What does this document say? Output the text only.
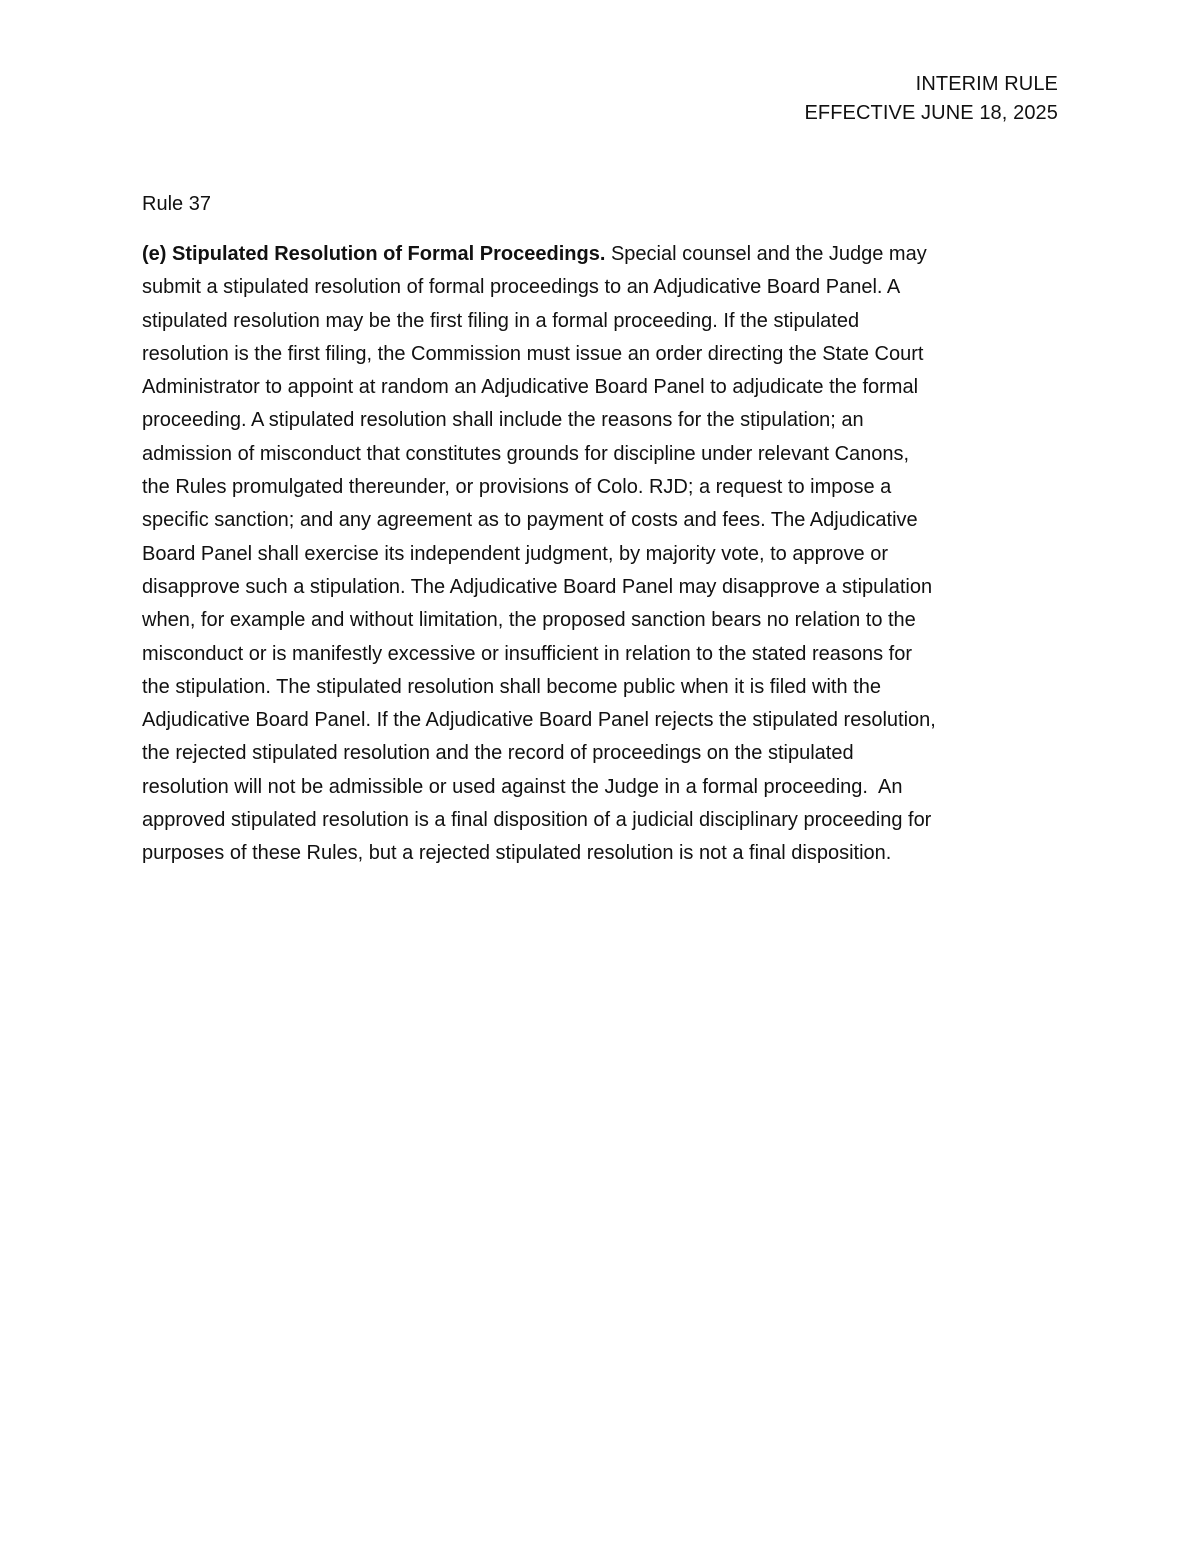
INTERIM RULE
EFFECTIVE JUNE 18, 2025
Rule 37

(e) Stipulated Resolution of Formal Proceedings. Special counsel and the Judge may
submit a stipulated resolution of formal proceedings to an Adjudicative Board Panel. A
stipulated resolution may be the first filing in a formal proceeding. If the stipulated
resolution is the first filing, the Commission must issue an order directing the State Court
Administrator to appoint at random an Adjudicative Board Panel to adjudicate the formal
proceeding. A stipulated resolution shall include the reasons for the stipulation; an
admission of misconduct that constitutes grounds for discipline under relevant Canons,
the Rules promulgated thereunder, or provisions of Colo. RJD; a request to impose a
specific sanction; and any agreement as to payment of costs and fees. The Adjudicative
Board Panel shall exercise its independent judgment, by majority vote, to approve or
disapprove such a stipulation. The Adjudicative Board Panel may disapprove a stipulation
when, for example and without limitation, the proposed sanction bears no relation to the
misconduct or is manifestly excessive or insufficient in relation to the stated reasons for
the stipulation. The stipulated resolution shall become public when it is filed with the
Adjudicative Board Panel. If the Adjudicative Board Panel rejects the stipulated resolution,
the rejected stipulated resolution and the record of proceedings on the stipulated
resolution will not be admissible or used against the Judge in a formal proceeding.  An
approved stipulated resolution is a final disposition of a judicial disciplinary proceeding for
purposes of these Rules, but a rejected stipulated resolution is not a final disposition.
